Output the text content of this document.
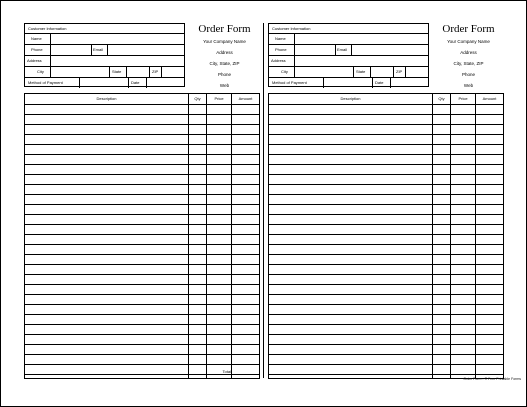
Customer Information
Name
Phone	Email
Address
City	State	ZIP
Method of Payment	Date
Order Form
Your Company Name
Address
City, State, ZIP
Phone
Web
Description	Qty	Price	Amount
Total
Customer Information
Name
Phone	Email
Address
City	State	ZIP
Method of Payment	Date
Order Form
Your Company Name
Address
City, State, ZIP
Phone
Web
Description	Qty	Price	Amount
Order Form - © Free Printable Forms
